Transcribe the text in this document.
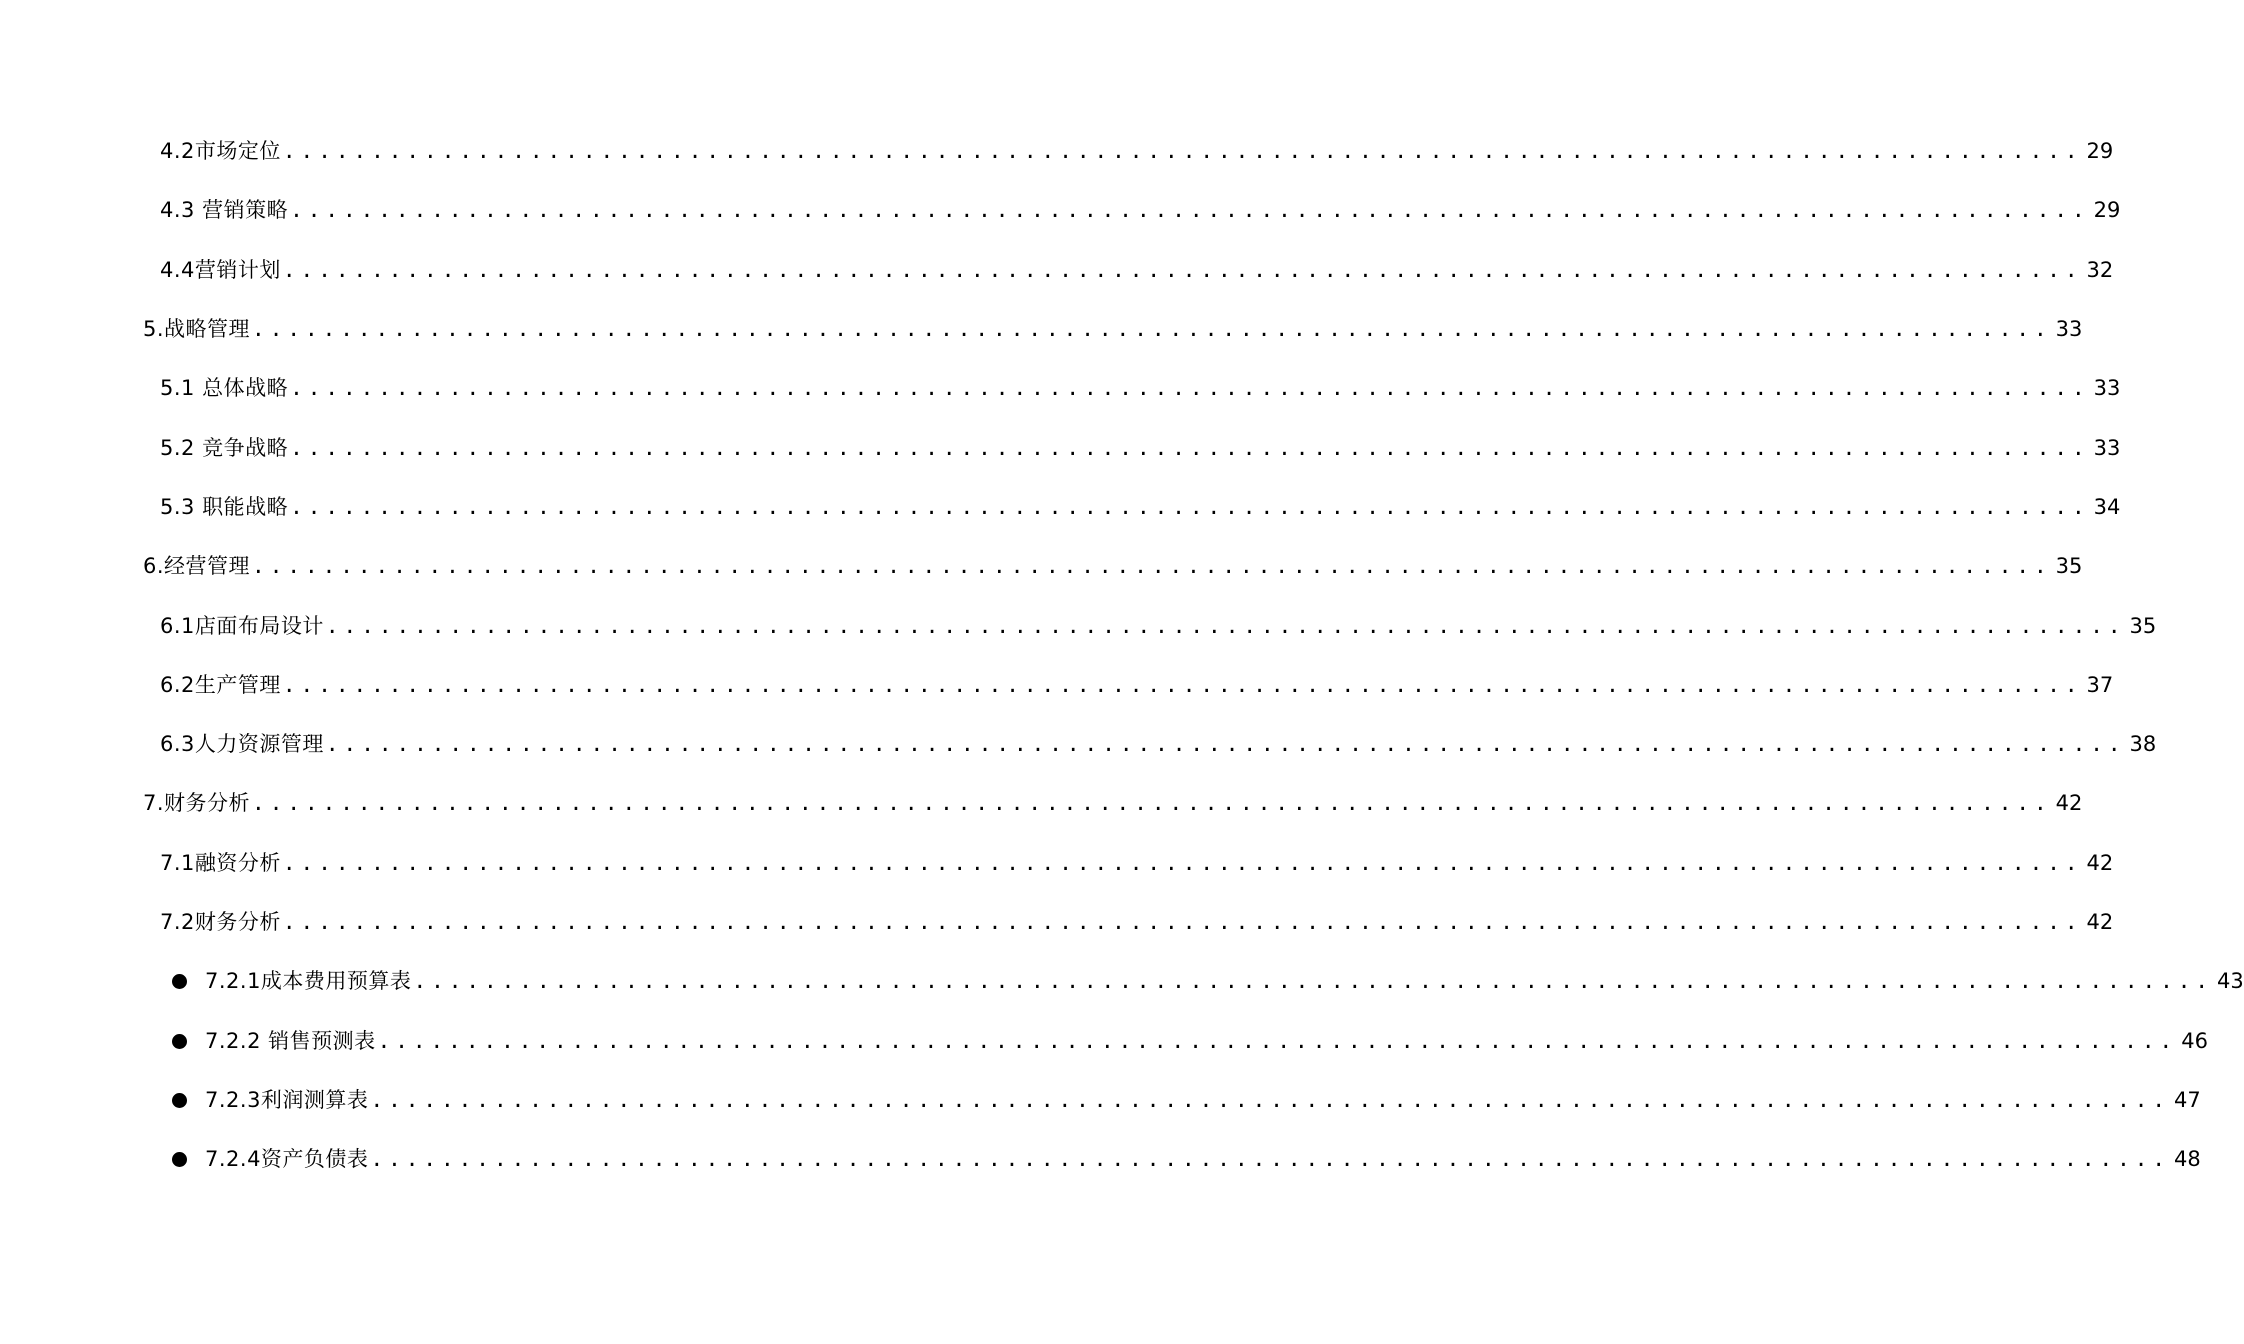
4.2市场定位 ...................................................................................................... 29
4.3 营销策略 ...................................................................................................... 29
4.4营销计划 ...................................................................................................... 32
5.战略管理 ...................................................................................................... 33
5.1 总体战略 ...................................................................................................... 33
5.2 竞争战略 ...................................................................................................... 33
5.3 职能战略 ...................................................................................................... 34
6.经营管理 ...................................................................................................... 35
6.1店面布局设计 ...................................................................................................... 35
6.2生产管理 ...................................................................................................... 37
6.3人力资源管理 ...................................................................................................... 38
7.财务分析 ...................................................................................................... 42
7.1融资分析 ...................................................................................................... 42
7.2财务分析 ...................................................................................................... 42
7.2.1成本费用预算表 ...................................................................................................... 43
7.2.2 销售预测表 ...................................................................................................... 46
7.2.3利润测算表 ...................................................................................................... 47
7.2.4资产负债表 ...................................................................................................... 48
